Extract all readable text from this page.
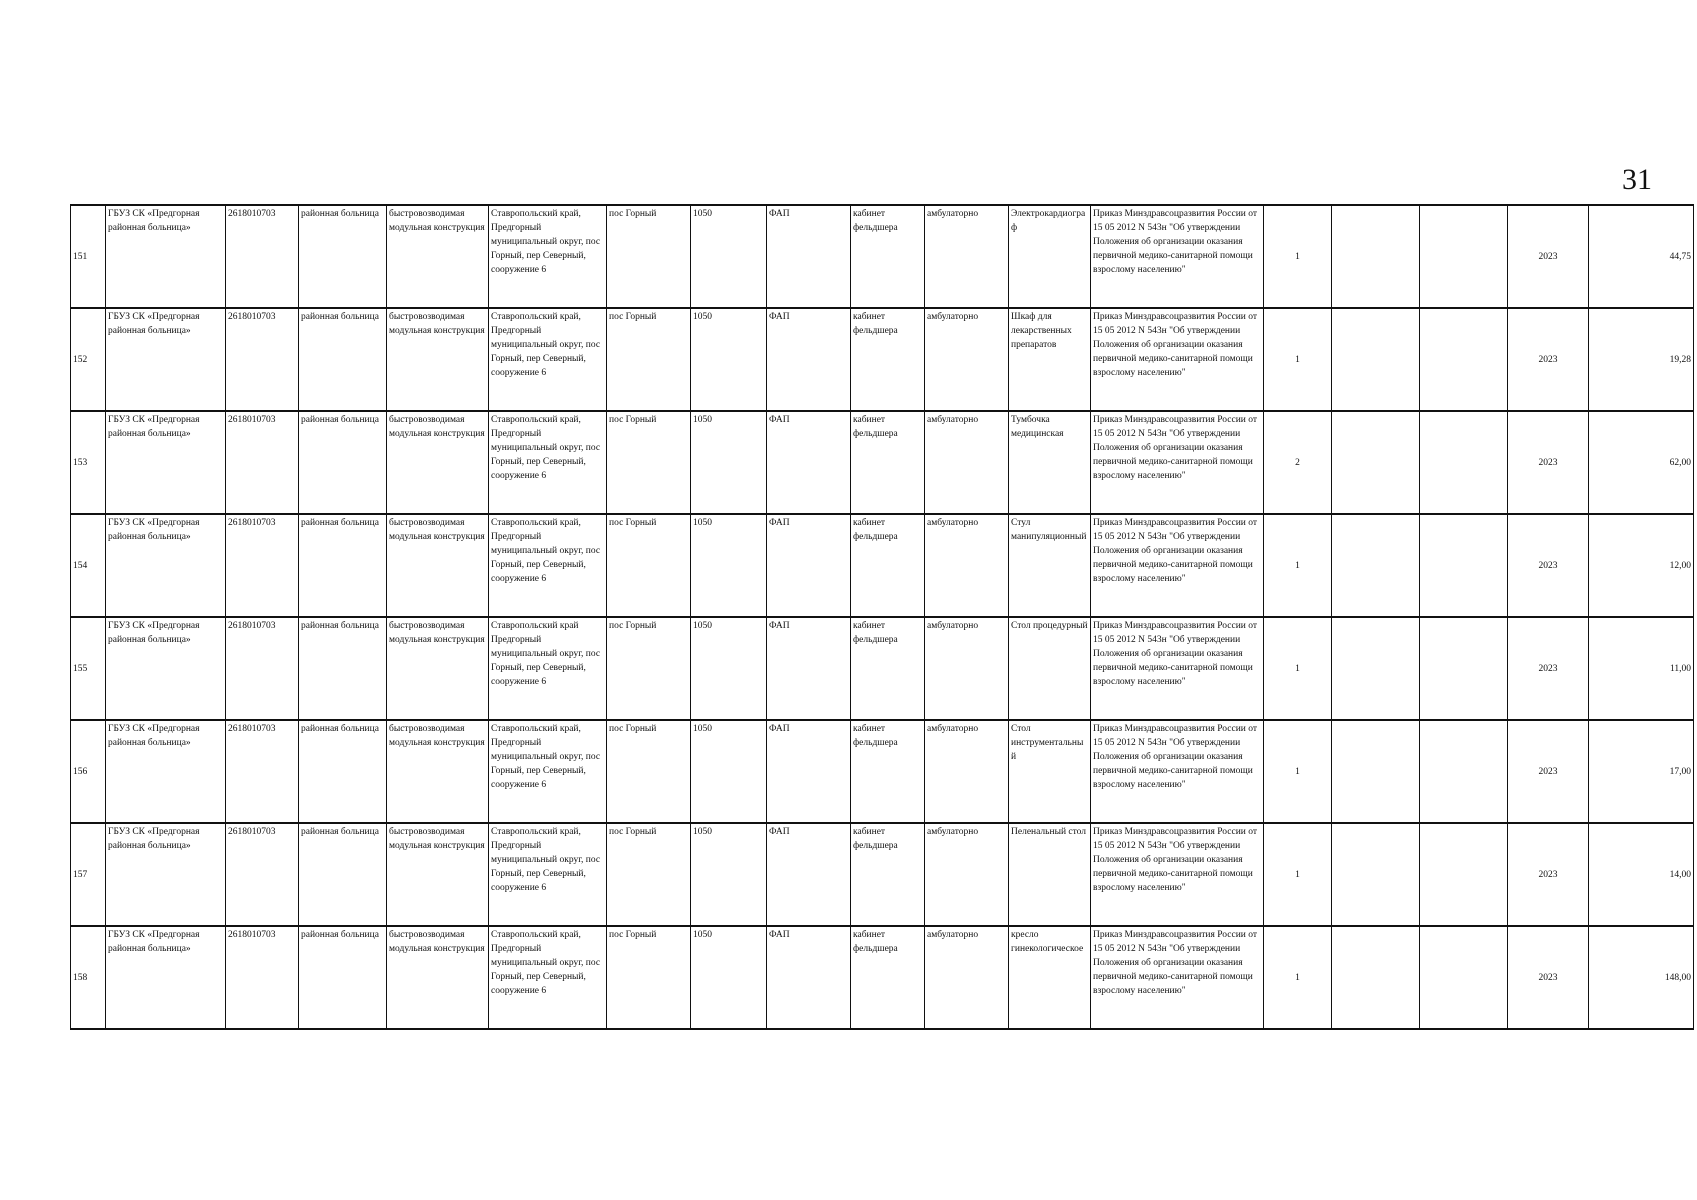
31
151	ГБУЗ СК «Предгорная районная больница»	2618010703	районная больница	быстровозводимая модульная конструкция	Ставропольский край, Предгорный муниципальный округ, пос Горный, пер Северный, сооружение 6	пос Горный	1050	ФАП	кабинет фельдшера	амбулаторно	Электрокардиограф	Приказ Минздравсоцразвития России от 15 05 2012 N 543н "Об утверждении Положения об организации оказания первичной медико-санитарной помощи взрослому населению"	1			2023	44,75
152	ГБУЗ СК «Предгорная районная больница»	2618010703	районная больница	быстровозводимая модульная конструкция	Ставропольский край, Предгорный муниципальный округ, пос Горный, пер Северный, сооружение 6	пос Горный	1050	ФАП	кабинет фельдшера	амбулаторно	Шкаф для лекарственных препаратов	Приказ Минздравсоцразвития России от 15 05 2012 N 543н "Об утверждении Положения об организации оказания первичной медико-санитарной помощи взрослому населению"	1			2023	19,28
153	ГБУЗ СК «Предгорная районная больница»	2618010703	районная больница	быстровозводимая модульная конструкция	Ставропольский край, Предгорный муниципальный округ, пос Горный, пер Северный, сооружение 6	пос Горный	1050	ФАП	кабинет фельдшера	амбулаторно	Тумбочка медицинская	Приказ Минздравсоцразвития России от 15 05 2012 N 543н "Об утверждении Положения об организации оказания первичной медико-санитарной помощи взрослому населению"	2			2023	62,00
154	ГБУЗ СК «Предгорная районная больница»	2618010703	районная больница	быстровозводимая модульная конструкция	Ставропольский край, Предгорный муниципальный округ, пос Горный, пер Северный, сооружение 6	пос Горный	1050	ФАП	кабинет фельдшера	амбулаторно	Стул манипуляционный	Приказ Минздравсоцразвития России от 15 05 2012 N 543н "Об утверждении Положения об организации оказания первичной медико-санитарной помощи взрослому населению"	1			2023	12,00
155	ГБУЗ СК «Предгорная районная больница»	2618010703	районная больница	быстровозводимая модульная конструкция	Ставропольский край Предгорный муниципальный округ, пос Горный, пер Северный, сооружение 6	пос Горный	1050	ФАП	кабинет фельдшера	амбулаторно	Стол процедурный	Приказ Минздравсоцразвития России от 15 05 2012 N 543н "Об утверждении Положения об организации оказания первичной медико-санитарной помощи взрослому населению"	1			2023	11,00
156	ГБУЗ СК «Предгорная районная больница»	2618010703	районная больница	быстровозводимая модульная конструкция	Ставропольский край, Предгорный муниципальный округ, пос Горный, пер Северный, сооружение 6	пос Горный	1050	ФАП	кабинет фельдшера	амбулаторно	Стол инструментальный	Приказ Минздравсоцразвития России от 15 05 2012 N 543н "Об утверждении Положения об организации оказания первичной медико-санитарной помощи взрослому населению"	1			2023	17,00
157	ГБУЗ СК «Предгорная районная больница»	2618010703	районная больница	быстровозводимая модульная конструкция	Ставропольский край, Предгорный муниципальный округ, пос Горный, пер Северный, сооружение 6	пос Горный	1050	ФАП	кабинет фельдшера	амбулаторно	Пеленальный стол	Приказ Минздравсоцразвития России от 15 05 2012 N 543н "Об утверждении Положения об организации оказания первичной медико-санитарной помощи взрослому населению"	1			2023	14,00
158	ГБУЗ СК «Предгорная районная больница»	2618010703	районная больница	быстровозводимая модульная конструкция	Ставропольский край, Предгорный муниципальный округ, пос Горный, пер Северный, сооружение 6	пос Горный	1050	ФАП	кабинет фельдшера	амбулаторно	кресло гинекологическое	Приказ Минздравсоцразвития России от 15 05 2012 N 543н "Об утверждении Положения об организации оказания первичной медико-санитарной помощи взрослому населению"	1			2023	148,00
